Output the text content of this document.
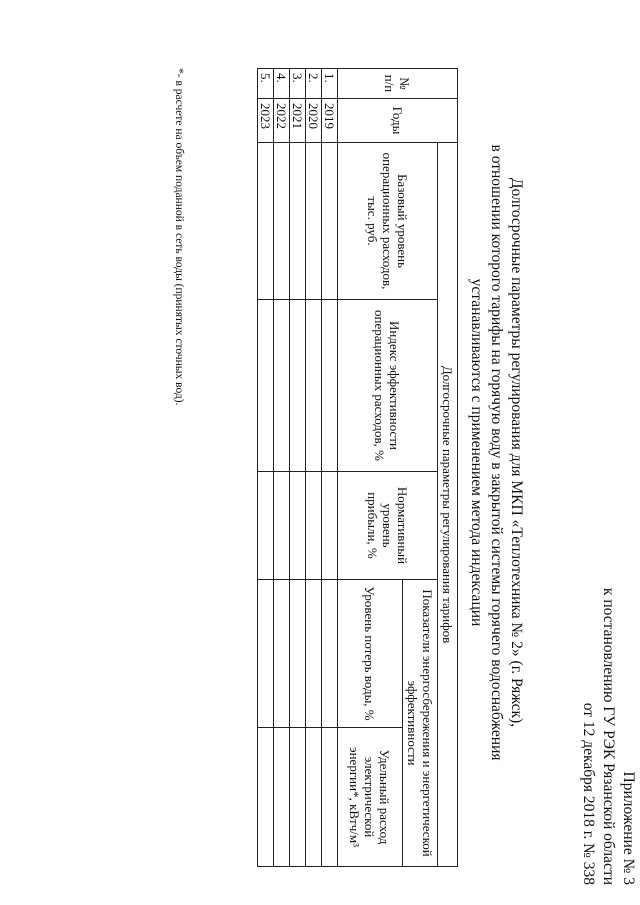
Приложение № 3
к постановлению ГУ РЭК Рязанской области
от 12 декабря 2018 г. № 338
Долгосрочные параметры регулирования для МКП «Теплотехника № 2» (г. Ряжск),
в отношении которого тарифы на горячую воду в закрытой системы горячего водоснабжения
устанавливаются с применением метода индексации
№ п/п	Годы	Долгосрочные параметры регулирования тарифов				
		Базовый уровень операционных расходов, тыс. руб.	Индекс эффективности операционных расходов, %	Нормативный уровень прибыли, %	Показатели энергосбережения и энергетической эффективности	
					Уровень потерь воды, %	Удельный расход электрической энергии*, кВтч/м³
1.	2019					
2.	2020					
3.	2021					
4.	2022					
5.	2023					
*- в расчете на объем поданной в сеть воды (принятых сточных вод).
